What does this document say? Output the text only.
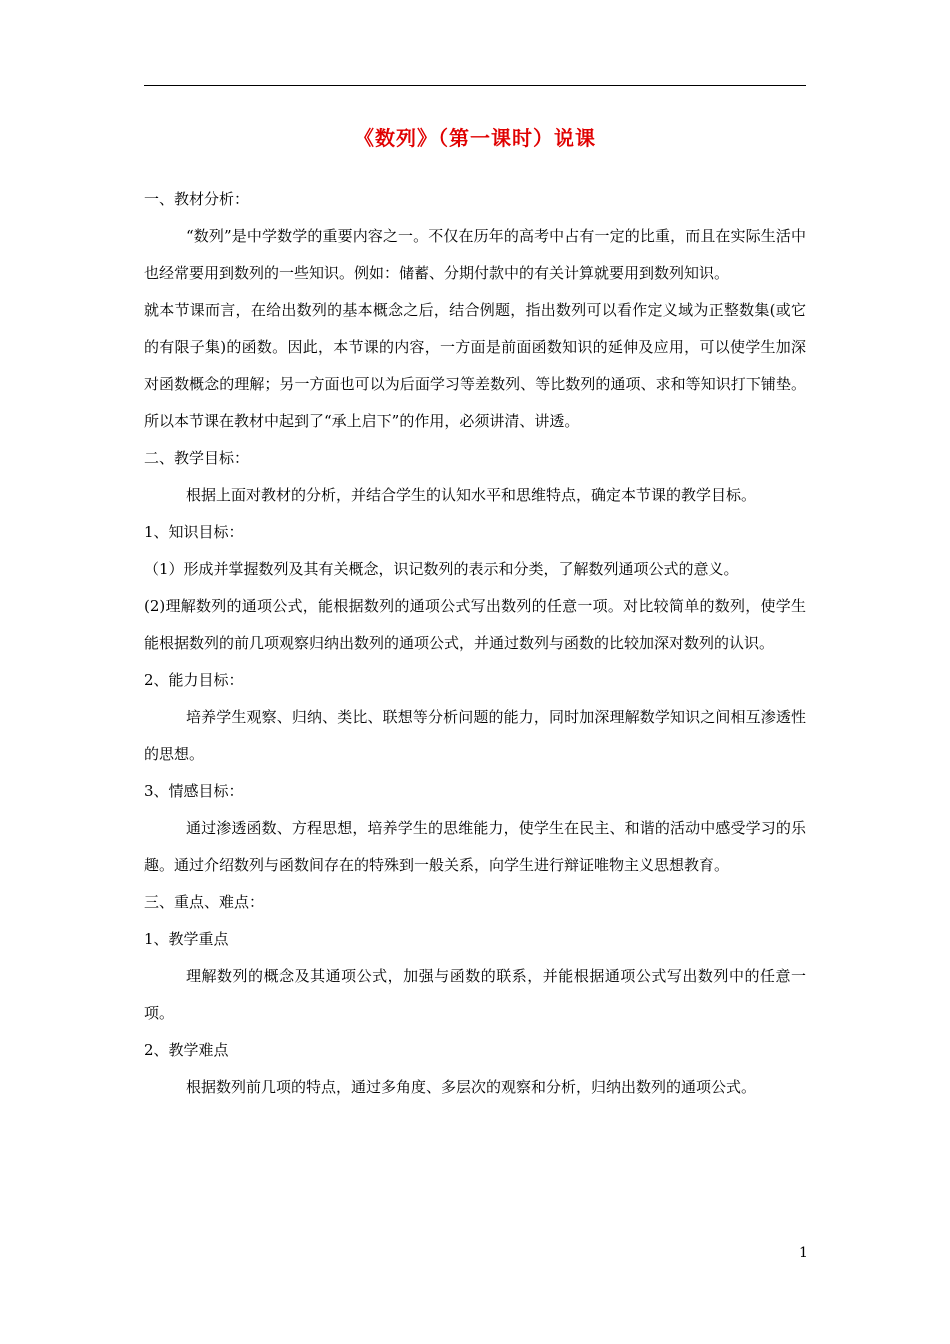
《数列》（第一课时）说课

一、教材分析：

“数列”是中学数学的重要内容之一。不仅在历年的高考中占有一定的比重，而且在实际生活中也经常要用到数列的一些知识。例如：储蓄、分期付款中的有关计算就要用到数列知识。

就本节课而言，在给出数列的基本概念之后，结合例题，指出数列可以看作定义域为正整数集(或它的有限子集)的函数。因此，本节课的内容，一方面是前面函数知识的延伸及应用，可以使学生加深对函数概念的理解；另一方面也可以为后面学习等差数列、等比数列的通项、求和等知识打下铺垫。所以本节课在教材中起到了“承上启下”的作用，必须讲清、讲透。

二、教学目标：

根据上面对教材的分析，并结合学生的认知水平和思维特点，确定本节课的教学目标。

1、知识目标：

（1）形成并掌握数列及其有关概念，识记数列的表示和分类，了解数列通项公式的意义。

(2)理解数列的通项公式，能根据数列的通项公式写出数列的任意一项。对比较简单的数列，使学生能根据数列的前几项观察归纳出数列的通项公式，并通过数列与函数的比较加深对数列的认识。

2、能力目标：

培养学生观察、归纳、类比、联想等分析问题的能力，同时加深理解数学知识之间相互渗透性的思想。

3、情感目标：

通过渗透函数、方程思想，培养学生的思维能力，使学生在民主、和谐的活动中感受学习的乐趣。通过介绍数列与函数间存在的特殊到一般关系，向学生进行辩证唯物主义思想教育。

三、重点、难点：

1、教学重点

理解数列的概念及其通项公式，加强与函数的联系，并能根据通项公式写出数列中的任意一项。

2、教学难点

根据数列前几项的特点，通过多角度、多层次的观察和分析，归纳出数列的通项公式。

1
